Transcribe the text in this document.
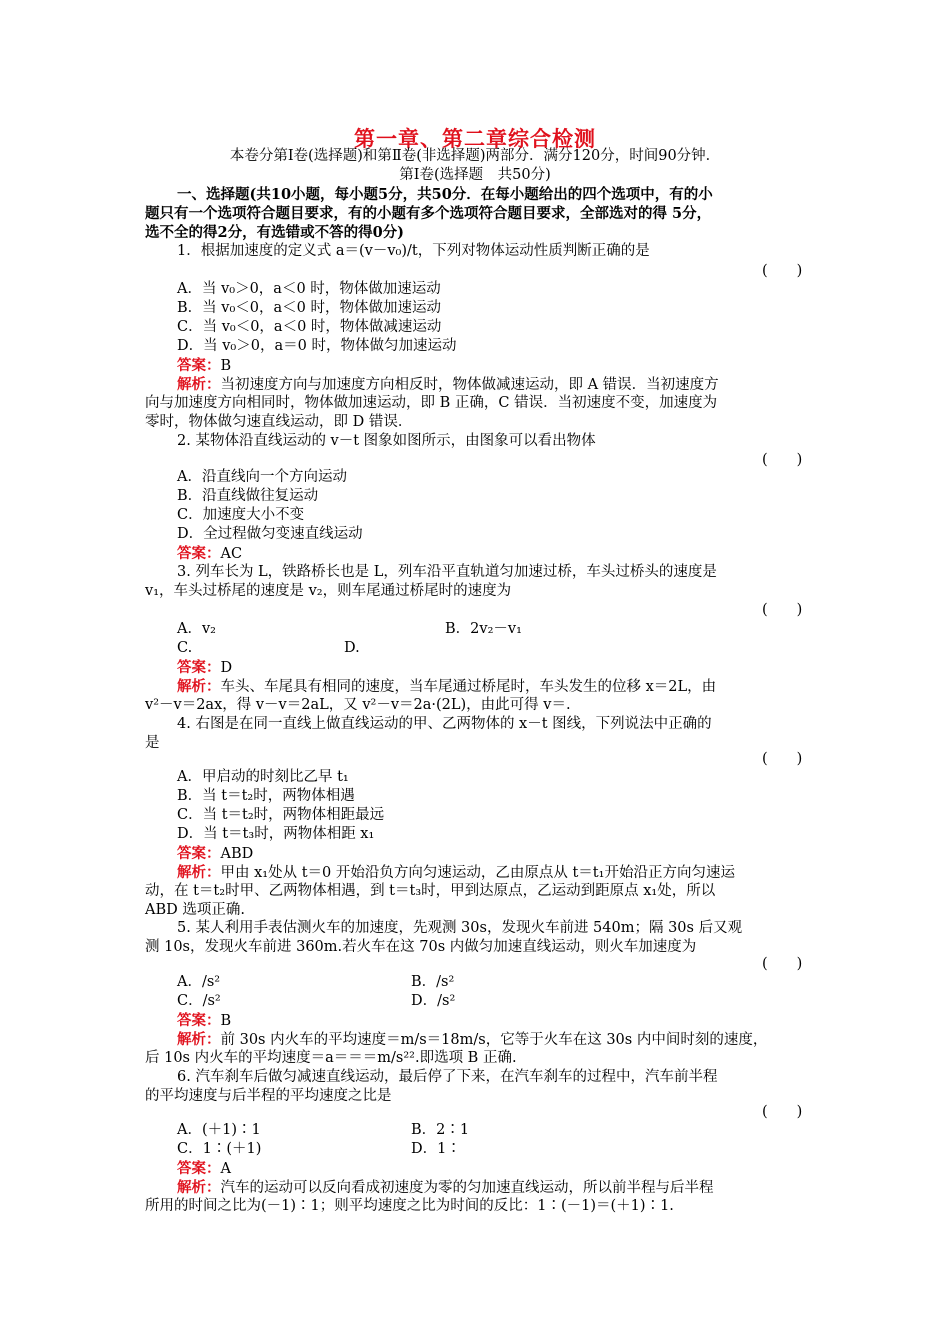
第一章、第二章综合检测
本卷分第Ⅰ卷(选择题)和第Ⅱ卷(非选择题)两部分．满分120分，时间90分钟．
第Ⅰ卷(选择题　共50分)
一、选择题(共10小题，每小题5分，共50分．在每小题给出的四个选项中，有的小
题只有一个选项符合题目要求，有的小题有多个选项符合题目要求，全部选对的得 5分，
选不全的得2分，有选错或不答的得0分)
1．根据加速度的定义式 a＝(v－v₀)/t，下列对物体运动性质判断正确的是
(　　)
A．当 v₀＞0，a＜0 时，物体做加速运动
B．当 v₀＜0，a＜0 时，物体做加速运动
C．当 v₀＜0，a＜0 时，物体做减速运动
D．当 v₀＞0，a＝0 时，物体做匀加速运动
答案：B
解析：当初速度方向与加速度方向相反时，物体做减速运动，即 A 错误．当初速度方
向与加速度方向相同时，物体做加速运动，即 B 正确，C 错误．当初速度不变，加速度为
零时，物体做匀速直线运动，即 D 错误．
2. 某物体沿直线运动的 v－t 图象如图所示，由图象可以看出物体
(　　)
A．沿直线向一个方向运动
B．沿直线做往复运动
C．加速度大小不变
D．全过程做匀变速直线运动
答案：AC
3. 列车长为 L，铁路桥长也是 L，列车沿平直轨道匀加速过桥，车头过桥头的速度是
v₁，车头过桥尾的速度是 v₂，则车尾通过桥尾时的速度为
(　　)
A．v₂	B．2v₂－v₁
C.	D.
答案：D
解析：车头、车尾具有相同的速度，当车尾通过桥尾时，车头发生的位移 x＝2L，由
v²－v＝2ax，得 v－v＝2aL，又 v²－v＝2a·(2L)，由此可得 v＝.
4. 右图是在同一直线上做直线运动的甲、乙两物体的 x－t 图线，下列说法中正确的
是
(　　)
A．甲启动的时刻比乙早 t₁
B．当 t＝t₂时，两物体相遇
C．当 t＝t₂时，两物体相距最远
D．当 t＝t₃时，两物体相距 x₁
答案：ABD
解析：甲由 x₁处从 t＝0 开始沿负方向匀速运动，乙由原点从 t＝t₁开始沿正方向匀速运
动，在 t＝t₂时甲、乙两物体相遇，到 t＝t₃时，甲到达原点，乙运动到距原点 x₁处，所以
ABD 选项正确.
5. 某人利用手表估测火车的加速度，先观测 30s，发现火车前进 540m；隔 30s 后又观
测 10s，发现火车前进 360m.若火车在这 70s 内做匀加速直线运动，则火车加速度为
(　　)
A．/s²	B．/s²
C．/s²	D．/s²
答案：B
解析：前 30s 内火车的平均速度＝m/s＝18m/s，它等于火车在这 30s 内中间时刻的速度，
后 10s 内火车的平均速度＝a＝＝＝m/s²².即选项 B 正确.
6. 汽车刹车后做匀减速直线运动，最后停了下来，在汽车刹车的过程中，汽车前半程
的平均速度与后半程的平均速度之比是
(　　)
A．(＋1)∶1	B．2∶1
C．1∶(＋1)	D．1∶
答案：A
解析：汽车的运动可以反向看成初速度为零的匀加速直线运动，所以前半程与后半程
所用的时间之比为(－1)∶1；则平均速度之比为时间的反比：1∶(－1)＝(＋1)∶1.
